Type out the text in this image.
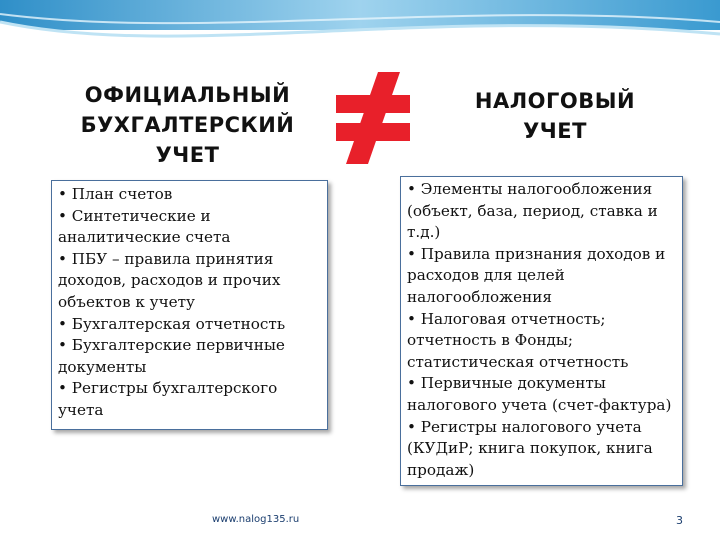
ОФИЦИАЛЬНЫЙ
БУХГАЛТЕРСКИЙ
УЧЕТ
НАЛОГОВЫЙ
УЧЕТ

• План счетов

• Синтетические и аналитические счета

• ПБУ – правила принятия доходов, расходов и прочих объектов к учету

• Бухгалтерская отчетность

• Бухгалтерские первичные документы

• Регистры бухгалтерского учета

• Элементы налогообложения (объект, база, период, ставка и т.д.)

• Правила признания доходов и расходов для целей налогообложения

• Налоговая отчетность; отчетность в Фонды; статистическая отчетность

• Первичные документы налогового учета (счет-фактура)

• Регистры налогового учета (КУДиР; книга покупок, книга продаж)

www.nalog135.ru	3
